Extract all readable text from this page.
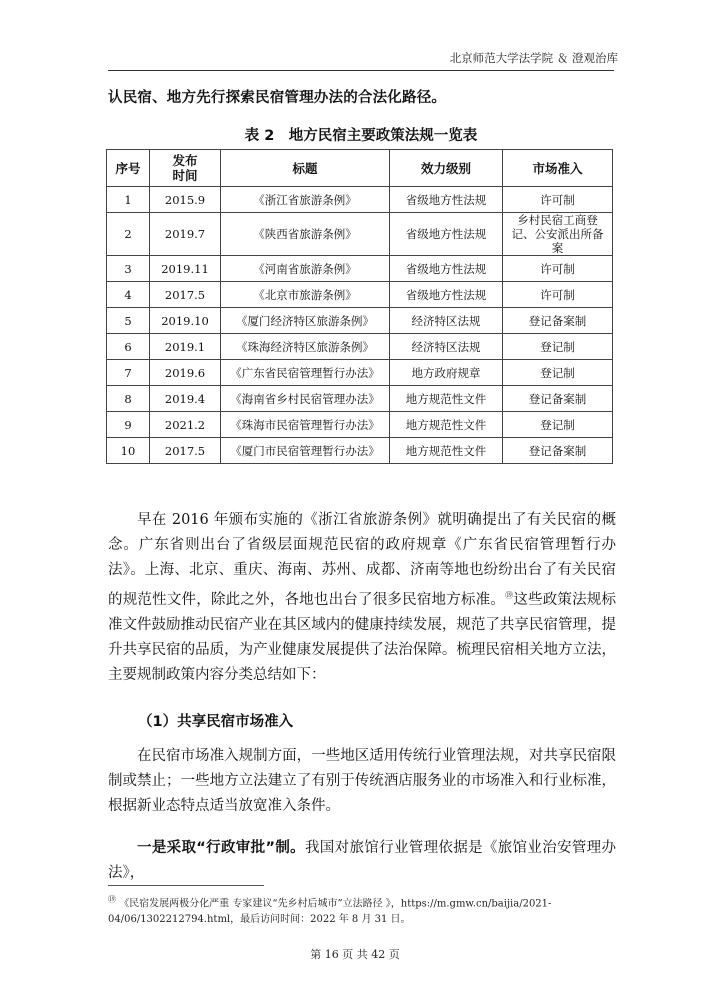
北京师范大学法学院 ＆ 澄观治库
认民宿、地方先行探索民宿管理办法的合法化路径。
表 2　地方民宿主要政策法规一览表
序号	发布时间	标题	效力级别	市场准入
1	2015.9	《浙江省旅游条例》	省级地方性法规	许可制
2	2019.7	《陕西省旅游条例》	省级地方性法规	乡村民宿工商登记、公安派出所备案
3	2019.11	《河南省旅游条例》	省级地方性法规	许可制
4	2017.5	《北京市旅游条例》	省级地方性法规	许可制
5	2019.10	《厦门经济特区旅游条例》	经济特区法规	登记备案制
6	2019.1	《珠海经济特区旅游条例》	经济特区法规	登记制
7	2019.6	《广东省民宿管理暂行办法》	地方政府规章	登记制
8	2019.4	《海南省乡村民宿管理办法》	地方规范性文件	登记备案制
9	2021.2	《珠海市民宿管理暂行办法》	地方规范性文件	登记制
10	2017.5	《厦门市民宿管理暂行办法》	地方规范性文件	登记备案制
早在 2016 年颁布实施的《浙江省旅游条例》就明确提出了有关民宿的概念。广东省则出台了省级层面规范民宿的政府规章《广东省民宿管理暂行办法》。上海、北京、重庆、海南、苏州、成都、济南等地也纷纷出台了有关民宿的规范性文件，除此之外，各地也出台了很多民宿地方标准。⑲这些政策法规标准文件鼓励推动民宿产业在其区域内的健康持续发展，规范了共享民宿管理，提升共享民宿的品质，为产业健康发展提供了法治保障。梳理民宿相关地方立法，主要规制政策内容分类总结如下：
（1）共享民宿市场准入
在民宿市场准入规制方面，一些地区适用传统行业管理法规，对共享民宿限制或禁止；一些地方立法建立了有别于传统酒店服务业的市场准入和行业标准，根据新业态特点适当放宽准入条件。
一是采取“行政审批”制。我国对旅馆行业管理依据是《旅馆业治安管理办法》，
⑲ 《民宿发展两极分化严重 专家建议“先乡村后城市”立法路径 》，https://m.gmw.cn/baijia/2021-04/06/1302212794.html，最后访问时间：2022 年 8 月 31 日。
第 16 页 共 42 页
